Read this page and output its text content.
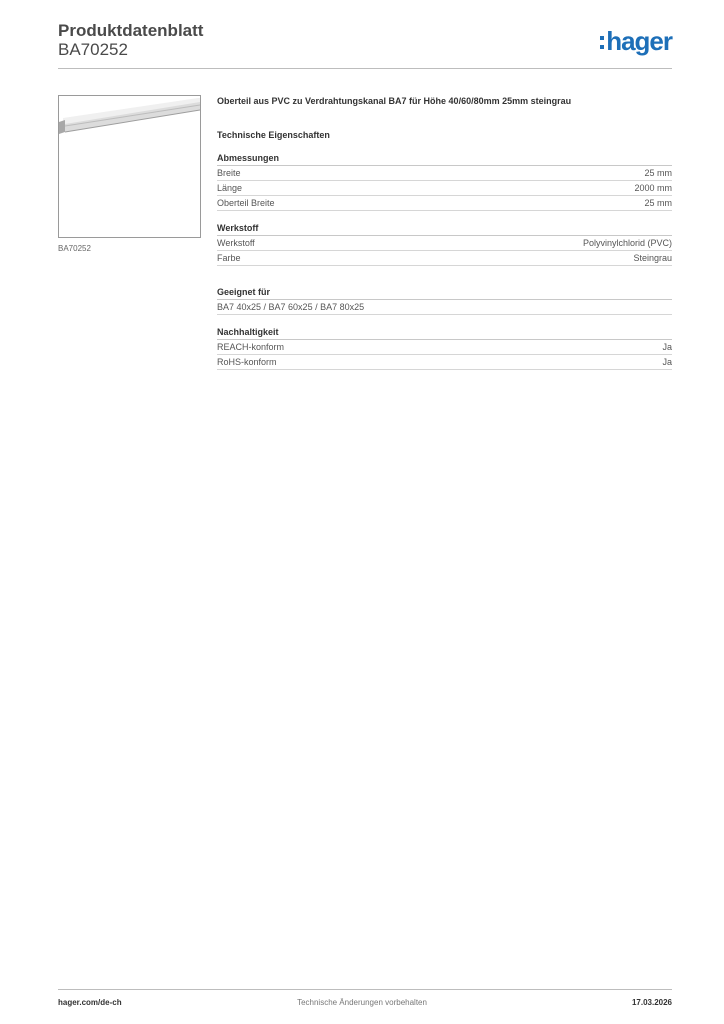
Produktdatenblatt
BA70252	hager
BA70252
Oberteil aus PVC zu Verdrahtungskanal BA7 für Höhe 40/60/80mm 25mm steingrau
Technische Eigenschaften
Abmessungen
Breite	25 mm
Länge	2000 mm
Oberteil Breite	25 mm
Werkstoff
Werkstoff	Polyvinylchlorid (PVC)
Farbe	Steingrau
Geeignet für
BA7 40x25 / BA7 60x25 / BA7 80x25
Nachhaltigkeit
REACH-konform	Ja
RoHS-konform	Ja
hager.com/de-ch	Technische Änderungen vorbehalten	17.03.2026
